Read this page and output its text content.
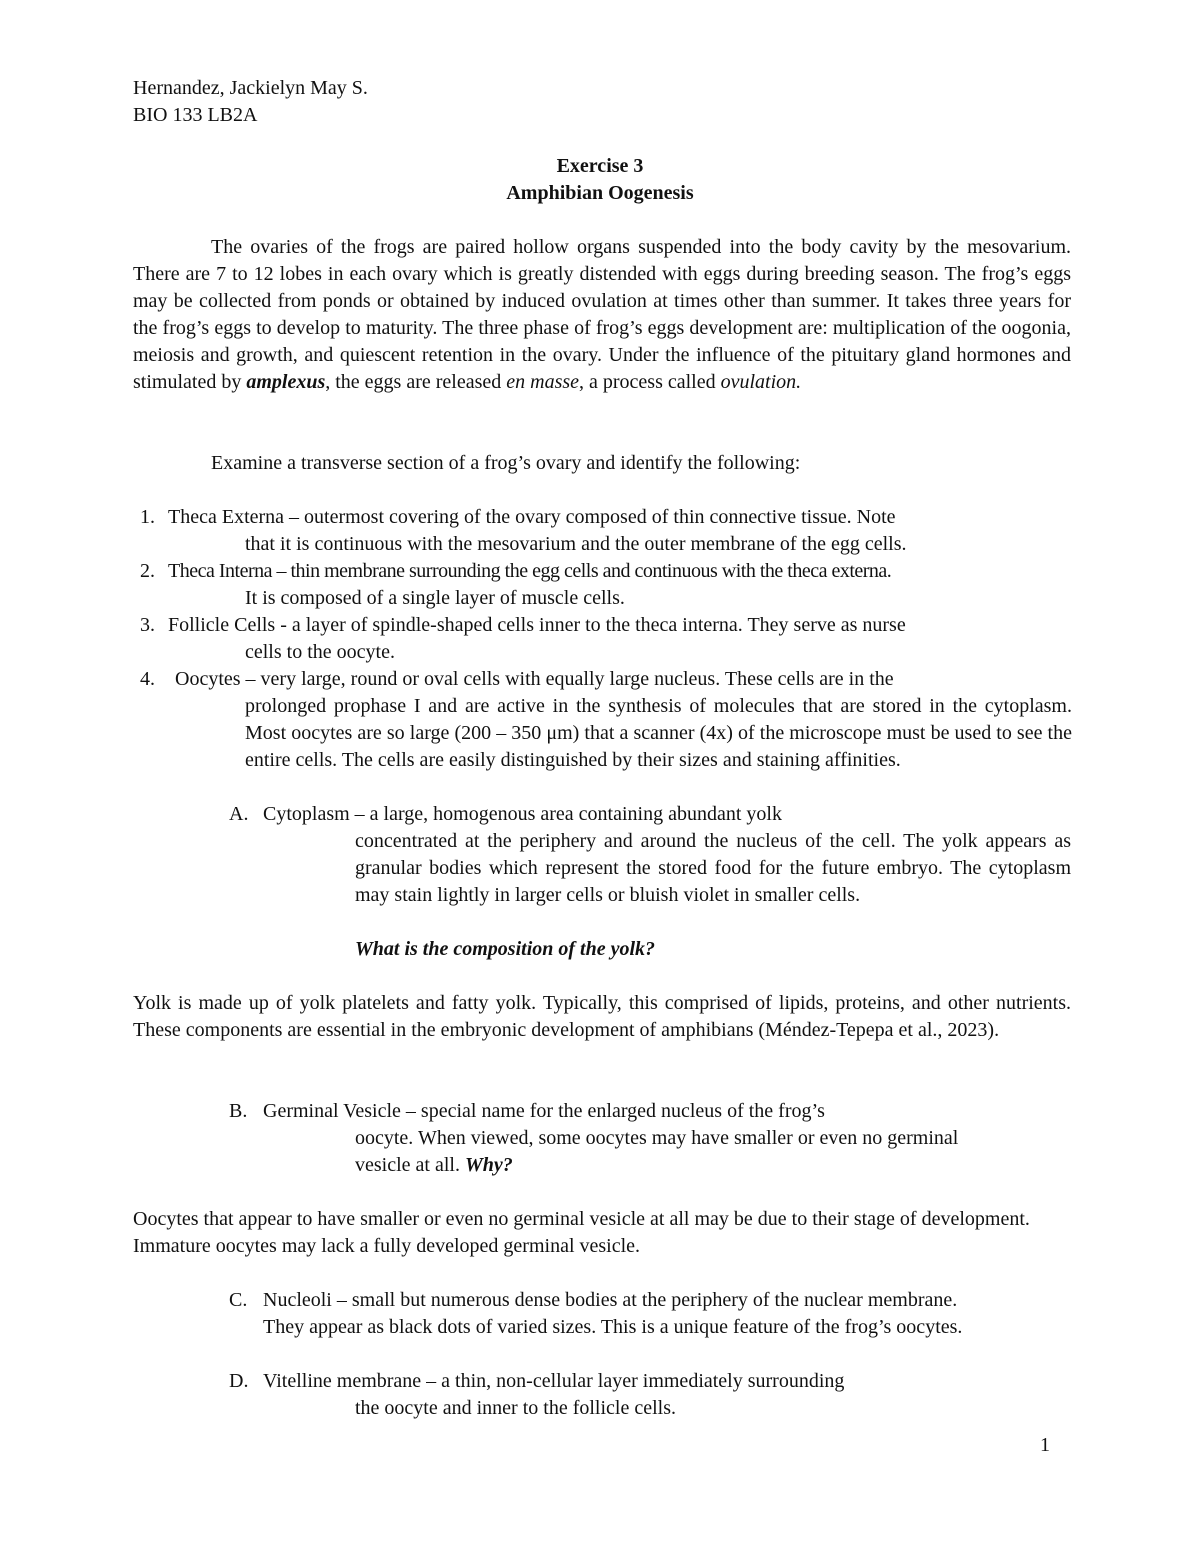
Hernandez, Jackielyn May S.

BIO 133 LB2A

Exercise 3

Amphibian Oogenesis

The ovaries of the frogs are paired hollow organs suspended into the body cavity by the mesovarium. There are 7 to 12 lobes in each ovary which is greatly distended with eggs during breeding season. The frog’s eggs may be collected from ponds or obtained by induced ovulation at times other than summer. It takes three years for the frog’s eggs to develop to maturity. The three phase of frog’s eggs development are: multiplication of the oogonia, meiosis and growth, and quiescent retention in the ovary. Under the influence of the pituitary gland hormones and stimulated by amplexus, the eggs are released en masse, a process called ovulation.

Examine a transverse section of a frog’s ovary and identify the following:

1. Theca Externa – outermost covering of the ovary composed of thin connective tissue. Note

that it is continuous with the mesovarium and the outer membrane of the egg cells.

2. Theca Interna – thin membrane surrounding the egg cells and continuous with the theca externa.

It is composed of a single layer of muscle cells.

3. Follicle Cells - a layer of spindle-shaped cells inner to the theca interna. They serve as nurse

cells to the oocyte.

4. Oocytes – very large, round or oval cells with equally large nucleus. These cells are in the

prolonged prophase I and are active in the synthesis of molecules that are stored in the cytoplasm. Most oocytes are so large (200 – 350 μm) that a scanner (4x) of the microscope must be used to see the entire cells. The cells are easily distinguished by their sizes and staining affinities.

A. Cytoplasm – a large, homogenous area containing abundant yolk

concentrated at the periphery and around the nucleus of the cell. The yolk appears as granular bodies which represent the stored food for the future embryo. The cytoplasm may stain lightly in larger cells or bluish violet in smaller cells.

What is the composition of the yolk?

Yolk is made up of yolk platelets and fatty yolk. Typically, this comprised of lipids, proteins, and other nutrients. These components are essential in the embryonic development of amphibians (Méndez-Tepepa et al., 2023).

B. Germinal Vesicle – special name for the enlarged nucleus of the frog’s

oocyte. When viewed, some oocytes may have smaller or even no germinal

vesicle at all. Why?

Oocytes that appear to have smaller or even no germinal vesicle at all may be due to their stage of development. Immature oocytes may lack a fully developed germinal vesicle.

C. Nucleoli – small but numerous dense bodies at the periphery of the nuclear membrane. They appear as black dots of varied sizes. This is a unique feature of the frog’s oocytes.

D. Vitelline membrane – a thin, non-cellular layer immediately surrounding

the oocyte and inner to the follicle cells.

1
